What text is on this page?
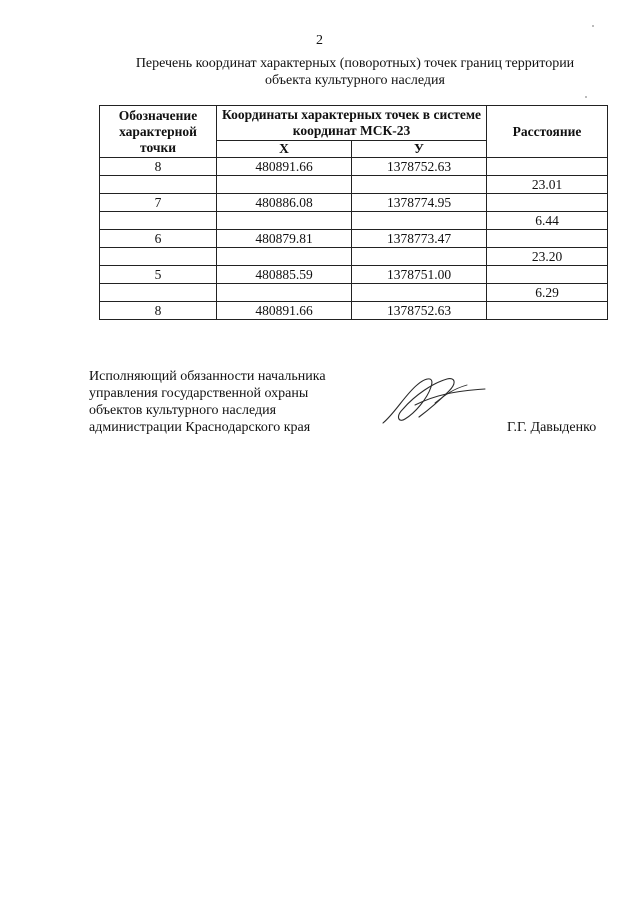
2
Перечень координат характерных (поворотных) точек границ территории
объекта культурного наследия
Обозначение характерной точки	Координаты характерных точек в системе координат МСК-23		Расстояние
	X	У	
8	480891.66	1378752.63	
			23.01
7	480886.08	1378774.95	
			6.44
6	480879.81	1378773.47	
			23.20
5	480885.59	1378751.00	
			6.29
8	480891.66	1378752.63	
Исполняющий обязанности начальника
управления государственной охраны
объектов культурного наследия
администрации Краснодарского края	Г.Г. Давыденко
